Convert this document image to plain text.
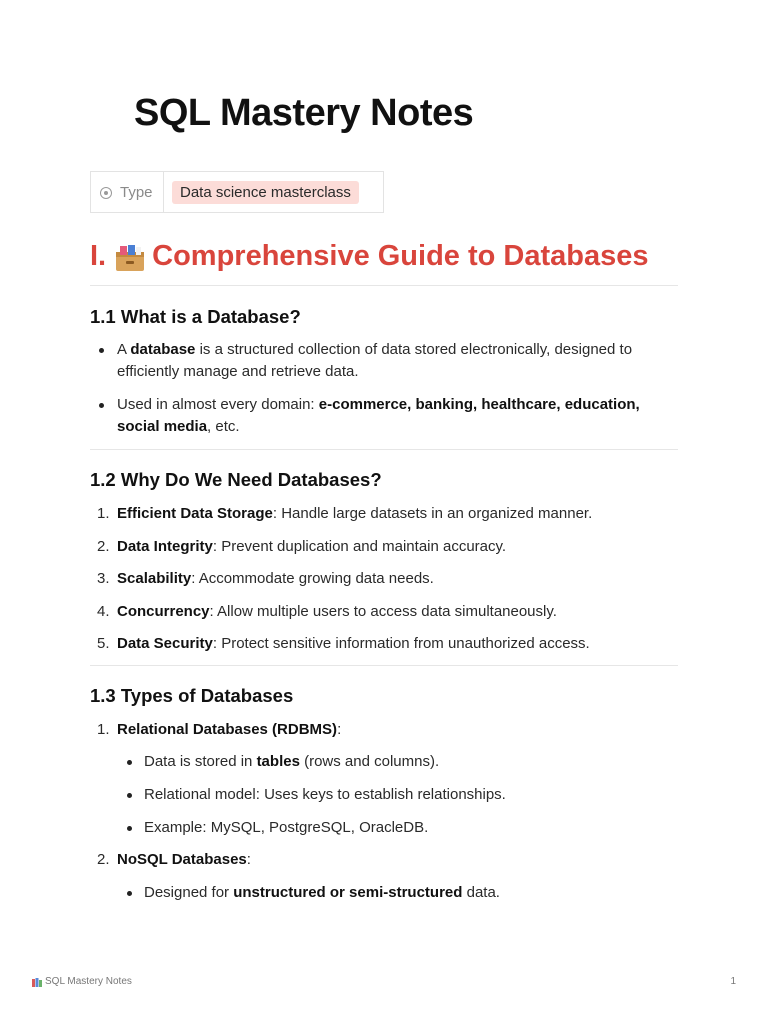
SQL Mastery Notes
Type	Data science masterclass
I. Comprehensive Guide to Databases
1.1 What is a Database?
A database is a structured collection of data stored electronically, designed to efficiently manage and retrieve data.
Used in almost every domain: e-commerce, banking, healthcare, education, social media, etc.
1.2 Why Do We Need Databases?
1. Efficient Data Storage: Handle large datasets in an organized manner.
2. Data Integrity: Prevent duplication and maintain accuracy.
3. Scalability: Accommodate growing data needs.
4. Concurrency: Allow multiple users to access data simultaneously.
5. Data Security: Protect sensitive information from unauthorized access.
1.3 Types of Databases
1. Relational Databases (RDBMS):
Data is stored in tables (rows and columns).
Relational model: Uses keys to establish relationships.
Example: MySQL, PostgreSQL, OracleDB.
2. NoSQL Databases:
Designed for unstructured or semi-structured data.
SQL Mastery Notes	1
